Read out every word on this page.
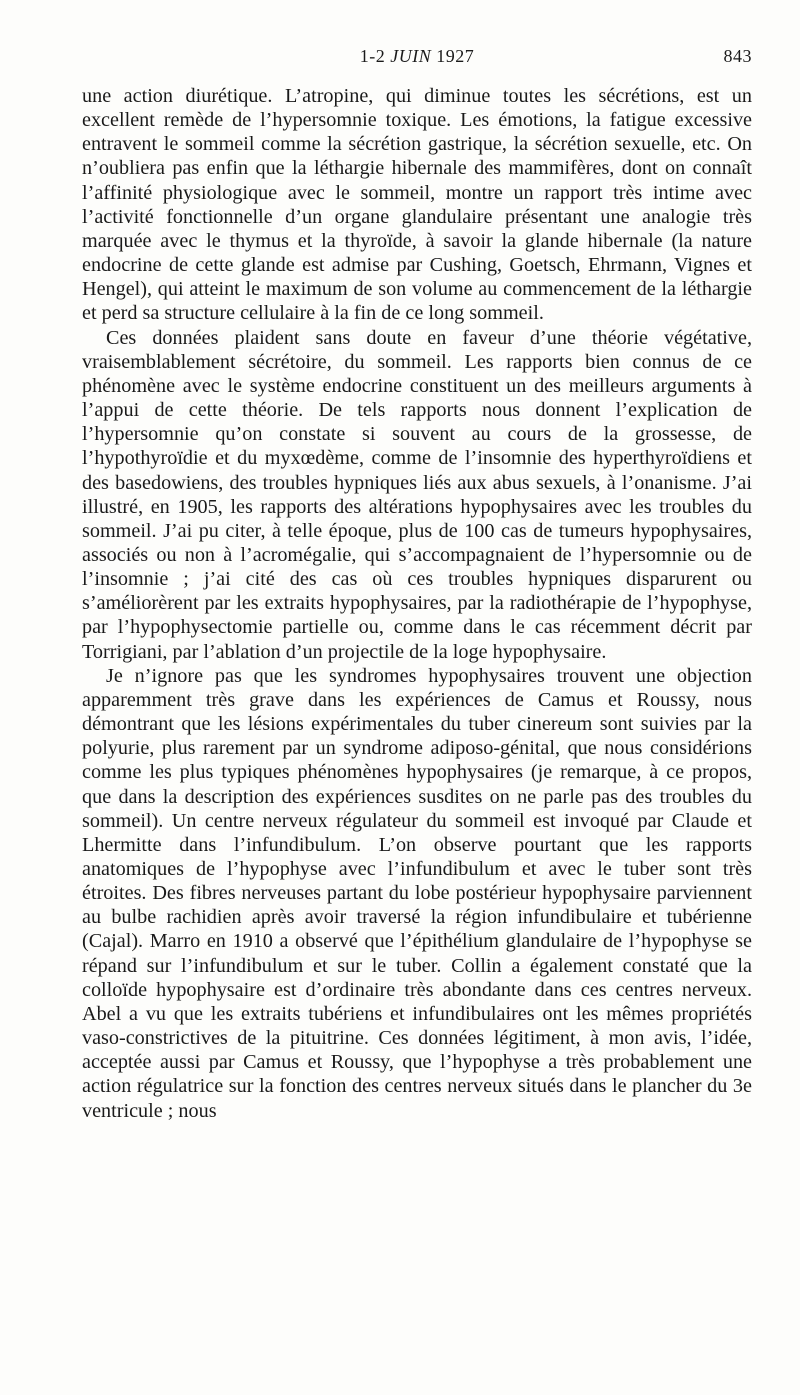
1-2 JUIN 1927	843

une action diurétique. L’atropine, qui diminue toutes les sécrétions, est un excellent remède de l’hypersomnie toxique. Les émotions, la fatigue excessive entravent le sommeil comme la sécrétion gastrique, la sécrétion sexuelle, etc. On n’oubliera pas enfin que la léthargie hibernale des mammifères, dont on connaît l’affinité physiologique avec le sommeil, montre un rapport très intime avec l’activité fonctionnelle d’un organe glandulaire présentant une analogie très marquée avec le thymus et la thyroïde, à savoir la glande hibernale (la nature endocrine de cette glande est admise par Cushing, Goetsch, Ehrmann, Vignes et Hengel), qui atteint le maximum de son volume au commencement de la léthargie et perd sa structure cellulaire à la fin de ce long sommeil.

Ces données plaident sans doute en faveur d’une théorie végétative, vraisemblablement sécrétoire, du sommeil. Les rapports bien connus de ce phénomène avec le système endocrine constituent un des meilleurs arguments à l’appui de cette théorie. De tels rapports nous donnent l’explication de l’hypersomnie qu’on constate si souvent au cours de la grossesse, de l’hypothyroïdie et du myxœdème, comme de l’insomnie des hyperthyroïdiens et des basedowiens, des troubles hypniques liés aux abus sexuels, à l’onanisme. J’ai illustré, en 1905, les rapports des altérations hypophysaires avec les troubles du sommeil. J’ai pu citer, à telle époque, plus de 100 cas de tumeurs hypophysaires, associés ou non à l’acromégalie, qui s’accompagnaient de l’hypersomnie ou de l’insomnie ; j’ai cité des cas où ces troubles hypniques disparurent ou s’améliorèrent par les extraits hypophysaires, par la radiothérapie de l’hypophyse, par l’hypophysectomie partielle ou, comme dans le cas récemment décrit par Torrigiani, par l’ablation d’un projectile de la loge hypophysaire.

Je n’ignore pas que les syndromes hypophysaires trouvent une objection apparemment très grave dans les expériences de Camus et Roussy, nous démontrant que les lésions expérimentales du tuber cinereum sont suivies par la polyurie, plus rarement par un syndrome adiposo-génital, que nous considérions comme les plus typiques phénomènes hypophysaires (je remarque, à ce propos, que dans la description des expériences susdites on ne parle pas des troubles du sommeil). Un centre nerveux régulateur du sommeil est invoqué par Claude et Lhermitte dans l’infundibulum. L’on observe pourtant que les rapports anatomiques de l’hypophyse avec l’infundibulum et avec le tuber sont très étroites. Des fibres nerveuses partant du lobe postérieur hypophysaire parviennent au bulbe rachidien après avoir traversé la région infundibulaire et tubérienne (Cajal). Marro en 1910 a observé que l’épithélium glandulaire de l’hypophyse se répand sur l’infundibulum et sur le tuber. Collin a également constaté que la colloïde hypophysaire est d’ordinaire très abondante dans ces centres nerveux. Abel a vu que les extraits tubériens et infundibulaires ont les mêmes propriétés vaso-constrictives de la pituitrine. Ces données légitiment, à mon avis, l’idée, acceptée aussi par Camus et Roussy, que l’hypophyse a très probablement une action régulatrice sur la fonction des centres nerveux situés dans le plancher du 3e ventricule ; nous
